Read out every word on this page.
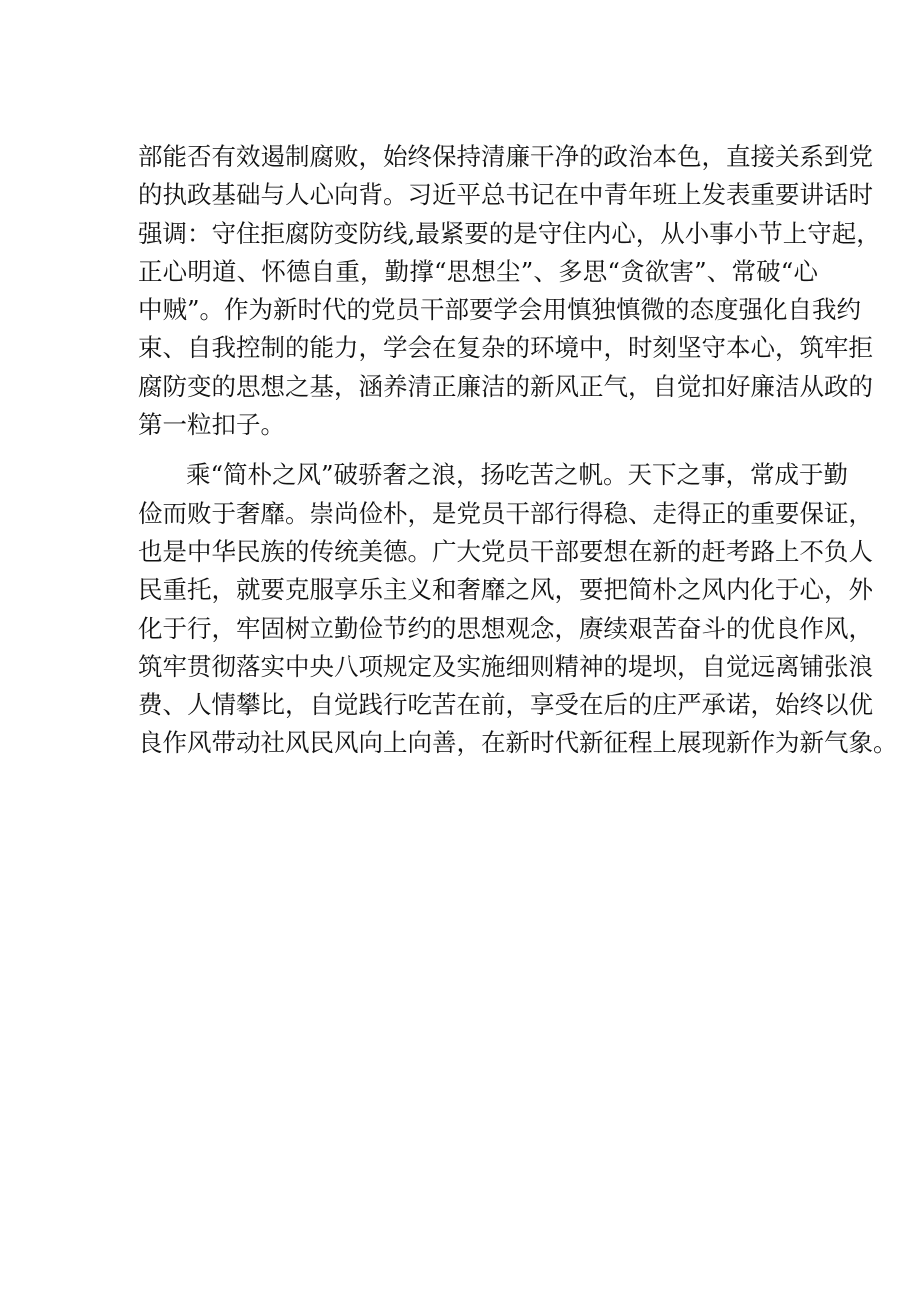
部能否有效遏制腐败，始终保持清廉干净的政治本色，直接关系到党
的执政基础与人心向背。习近平总书记在中青年班上发表重要讲话时
强调：守住拒腐防变防线,最紧要的是守住内心，从小事小节上守起，
正心明道、怀德自重，勤撑“思想尘”、多思“贪欲害”、常破“心
中贼”。作为新时代的党员干部要学会用慎独慎微的态度强化自我约
束、自我控制的能力，学会在复杂的环境中，时刻坚守本心，筑牢拒
腐防变的思想之基，涵养清正廉洁的新风正气，自觉扣好廉洁从政的
第一粒扣子。
乘“简朴之风”破骄奢之浪，扬吃苦之帆。天下之事，常成于勤
俭而败于奢靡。崇尚俭朴，是党员干部行得稳、走得正的重要保证，
也是中华民族的传统美德。广大党员干部要想在新的赶考路上不负人
民重托，就要克服享乐主义和奢靡之风，要把简朴之风内化于心，外
化于行，牢固树立勤俭节约的思想观念，赓续艰苦奋斗的优良作风，
筑牢贯彻落实中央八项规定及实施细则精神的堤坝，自觉远离铺张浪
费、人情攀比，自觉践行吃苦在前，享受在后的庄严承诺，始终以优
良作风带动社风民风向上向善，在新时代新征程上展现新作为新气象。
